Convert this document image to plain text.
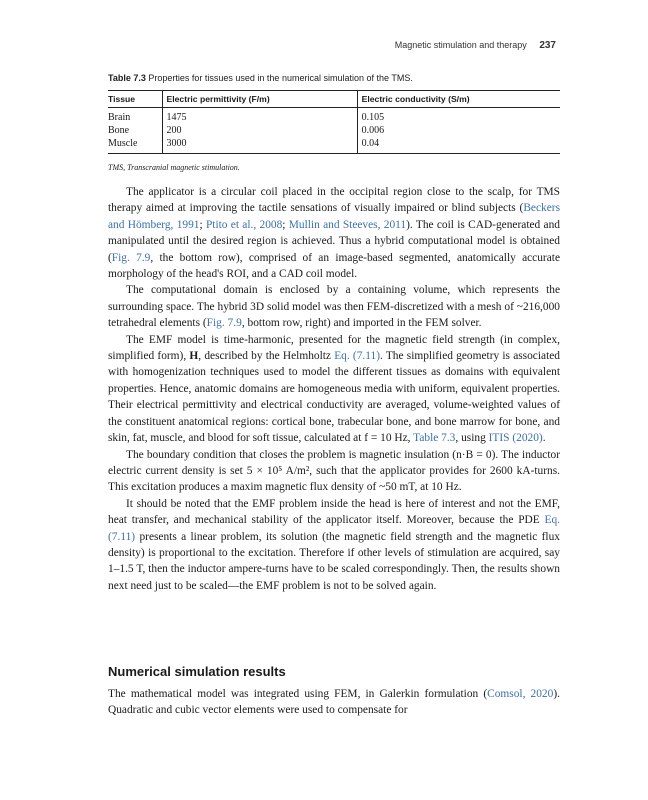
Magnetic stimulation and therapy 237
Table 7.3 Properties for tissues used in the numerical simulation of the TMS.
Tissue	Electric permittivity (F/m)	Electric conductivity (S/m)
Brain	1475	0.105
Bone	200	0.006
Muscle	3000	0.04
TMS, Transcranial magnetic stimulation.

The applicator is a circular coil placed in the occipital region close to the scalp, for TMS therapy aimed at improving the tactile sensations of visually impaired or blind subjects (Beckers and Hömberg, 1991; Ptito et al., 2008; Mullin and Steeves, 2011). The coil is CAD-generated and manipulated until the desired region is achieved. Thus a hybrid computational model is obtained (Fig. 7.9, the bottom row), comprised of an image-based segmented, anatomically accurate morphology of the head's ROI, and a CAD coil model.

The computational domain is enclosed by a containing volume, which represents the surrounding space. The hybrid 3D solid model was then FEM-discretized with a mesh of ~216,000 tetrahedral elements (Fig. 7.9, bottom row, right) and imported in the FEM solver.

The EMF model is time-harmonic, presented for the magnetic field strength (in complex, simplified form), H, described by the Helmholtz Eq. (7.11). The simplified geometry is associated with homogenization techniques used to model the different tissues as domains with equivalent properties. Hence, anatomic domains are homogeneous media with uniform, equivalent properties. Their electrical permittivity and electrical conductivity are averaged, volume-weighted values of the constituent anatomical regions: cortical bone, trabecular bone, and bone marrow for bone, and skin, fat, muscle, and blood for soft tissue, calculated at f = 10 Hz, Table 7.3, using ITIS (2020).

The boundary condition that closes the problem is magnetic insulation (n·B = 0). The inductor electric current density is set 5 × 10⁵ A/m², such that the applicator provides for 2600 kA-turns. This excitation produces a maxim magnetic flux density of ~50 mT, at 10 Hz.

It should be noted that the EMF problem inside the head is here of interest and not the EMF, heat transfer, and mechanical stability of the applicator itself. Moreover, because the PDE Eq. (7.11) presents a linear problem, its solution (the magnetic field strength and the magnetic flux density) is proportional to the excitation. Therefore if other levels of stimulation are acquired, say 1–1.5 T, then the inductor ampere-turns have to be scaled correspondingly. Then, the results shown next need just to be scaled—the EMF problem is not to be solved again.

Numerical simulation results

The mathematical model was integrated using FEM, in Galerkin formulation (Comsol, 2020). Quadratic and cubic vector elements were used to compensate for
